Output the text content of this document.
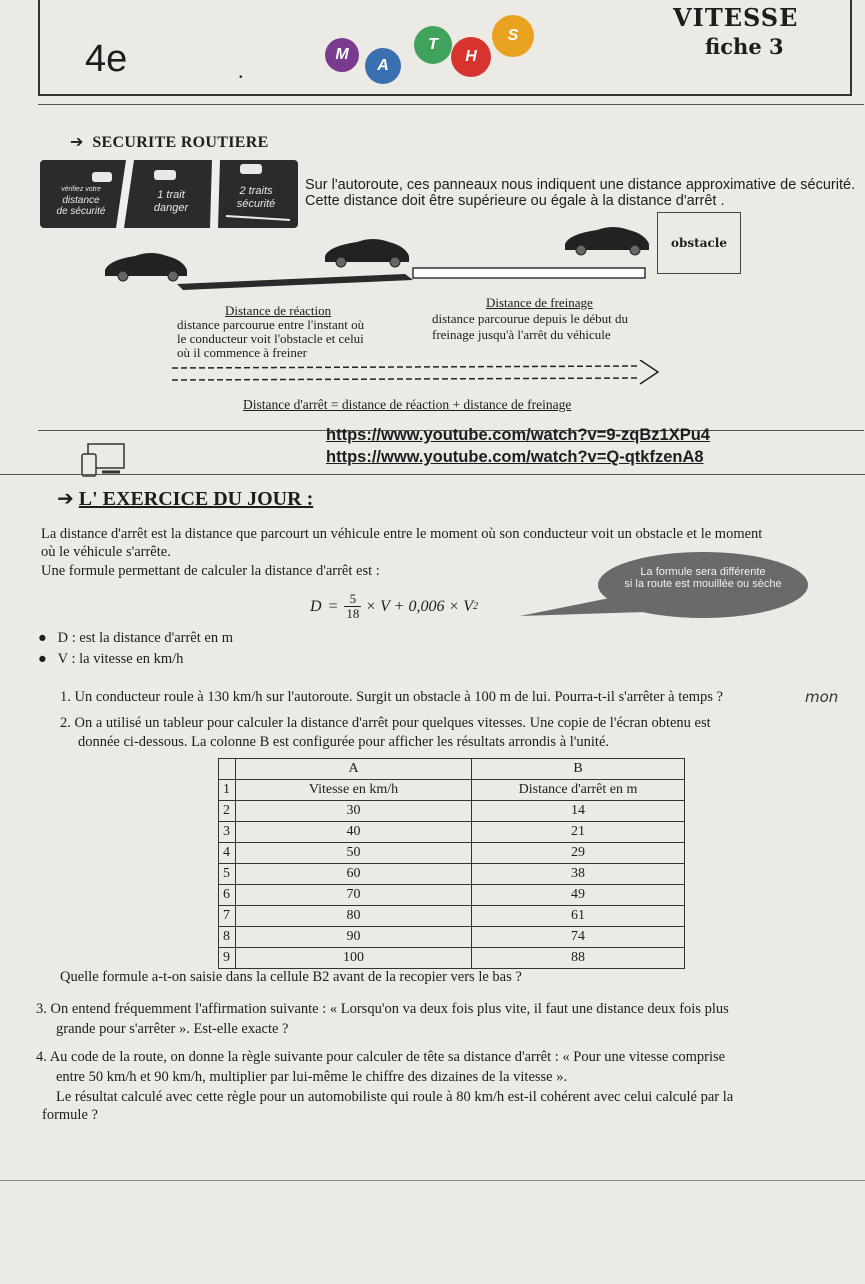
4e	.
VITESSE
fiche 3
M
A
T
H
S
➔ SECURITE ROUTIERE
vérifiez votre
distance
de sécurité
1 trait
danger
2 traits
sécurité
Sur l'autoroute, ces panneaux nous indiquent une distance approximative de sécurité.
Cette distance doit être supérieure ou égale à la distance d'arrêt .
obstacle
Distance de réaction
distance parcourue entre l'instant où
le conducteur voit l'obstacle et celui
où il commence à freiner
Distance de freinage
distance parcourue depuis le début du
freinage jusqu'à l'arrêt du véhicule
Distance d'arrêt = distance de réaction + distance de freinage
https://www.youtube.com/watch?v=9-zqBz1XPu4
https://www.youtube.com/watch?v=Q-qtkfzenA8
➔ L' EXERCICE DU JOUR :
La distance d'arrêt est la distance que parcourt un véhicule entre le moment où son conducteur voit un obstacle et le moment
où le véhicule s'arrête.
Une formule permettant de calculer la distance d'arrêt est :	La formule sera différente
si la route est mouillée ou sèche
$D = \frac{5}{18} \times V + 0,006 \times V$ 2
● D : est la distance d'arrêt en m
● V : la vitesse en km/h
1. Un conducteur roule à 130 km/h sur l'autoroute. Surgit un obstacle à 100 m de lui. Pourra-t-il s'arrêter à temps ?	mon
2. On a utilisé un tableur pour calculer la distance d'arrêt pour quelques vitesses. Une copie de l'écran obtenu est
donnée ci-dessous. La colonne B est configurée pour afficher les résultats arrondis à l'unité.
	A	B
1	Vitesse en km/h	Distance d'arrêt en m
2	30	14
3	40	21
4	50	29
5	60	38
6	70	49
7	80	61
8	90	74
9	100	88
Quelle formule a-t-on saisie dans la cellule B2 avant de la recopier vers le bas ?
3. On entend fréquemment l'affirmation suivante : « Lorsqu'on va deux fois plus vite, il faut une distance deux fois plus
grande pour s'arrêter ». Est-elle exacte ?
4. Au code de la route, on donne la règle suivante pour calculer de tête sa distance d'arrêt : « Pour une vitesse comprise
entre 50 km/h et 90 km/h, multiplier par lui-même le chiffre des dizaines de la vitesse ».
Le résultat calculé avec cette règle pour un automobiliste qui roule à 80 km/h est-il cohérent avec celui calculé par la
formule ?
